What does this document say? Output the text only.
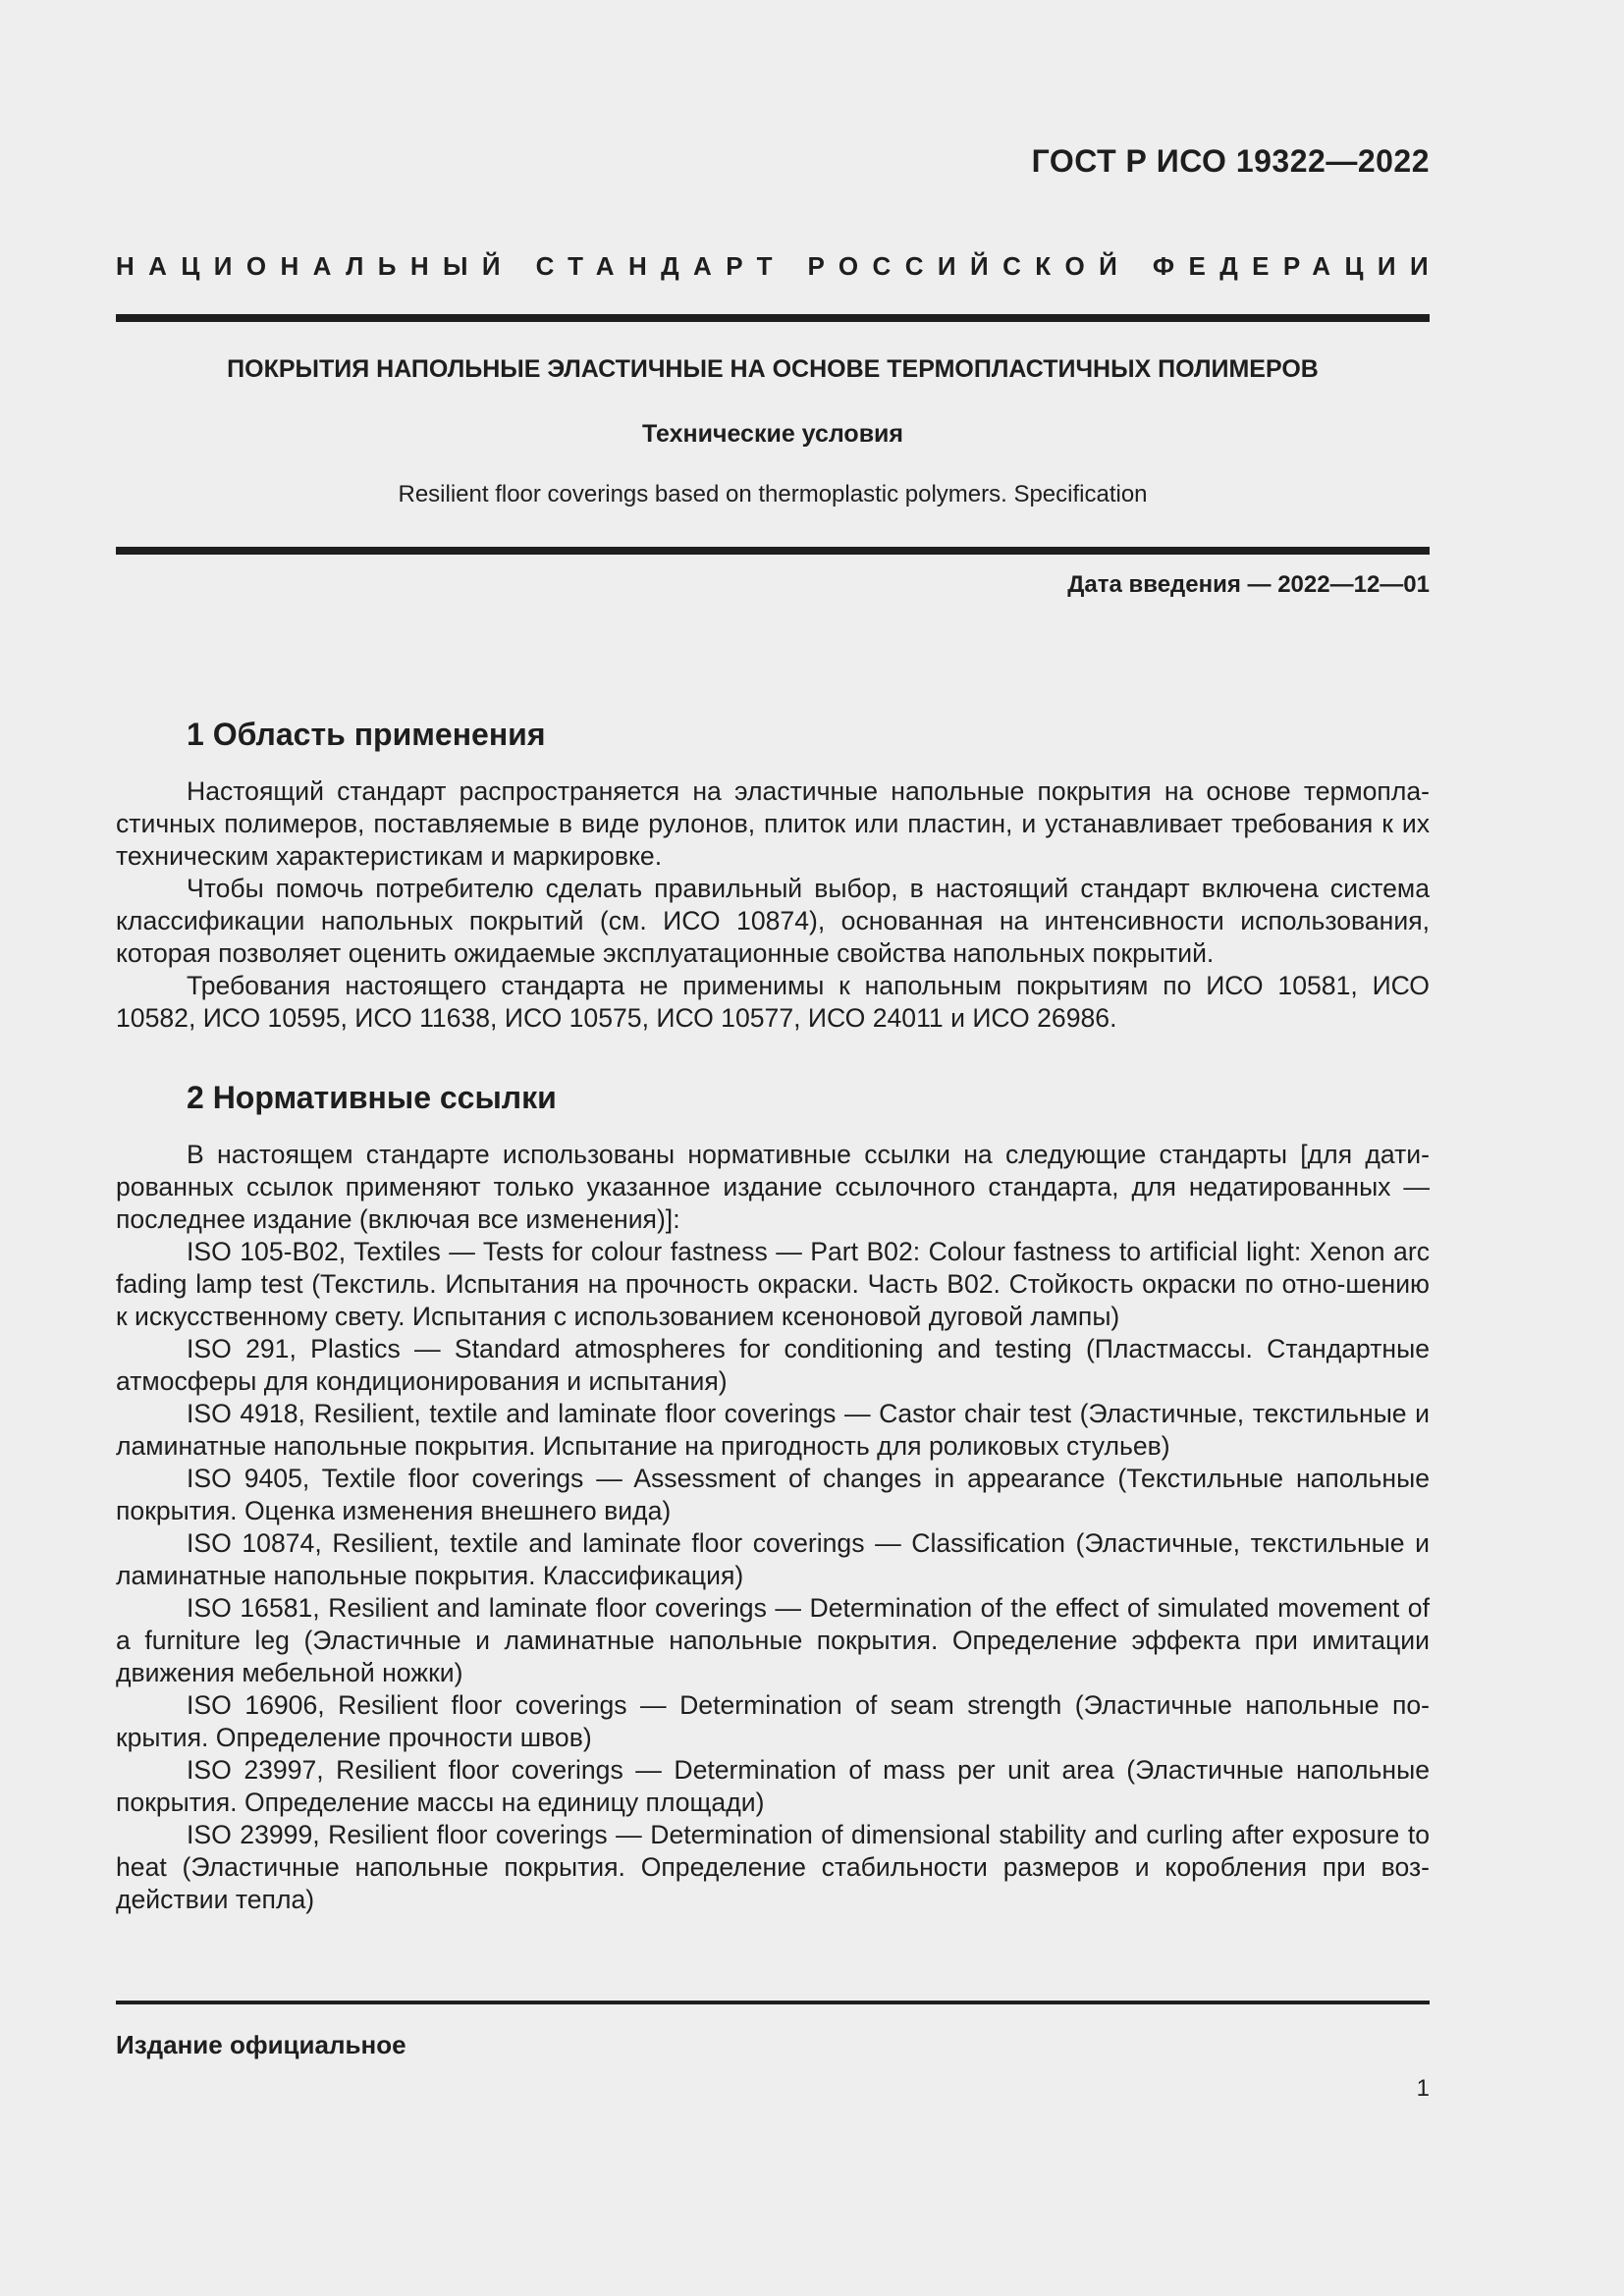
ГОСТ Р ИСО 19322—2022
НАЦИОНАЛЬНЫЙ СТАНДАРТ РОССИЙСКОЙ ФЕДЕРАЦИИ
ПОКРЫТИЯ НАПОЛЬНЫЕ ЭЛАСТИЧНЫЕ НА ОСНОВЕ ТЕРМОПЛАСТИЧНЫХ ПОЛИМЕРОВ
Технические условия
Resilient floor coverings based on thermoplastic polymers. Specification
Дата введения — 2022—12—01
1 Область применения

Настоящий стандарт распространяется на эластичные напольные покрытия на основе термопла-стичных полимеров, поставляемые в виде рулонов, плиток или пластин, и устанавливает требования к их техническим характеристикам и маркировке.

Чтобы помочь потребителю сделать правильный выбор, в настоящий стандарт включена система классификации напольных покрытий (см. ИСО 10874), основанная на интенсивности использования, которая позволяет оценить ожидаемые эксплуатационные свойства напольных покрытий.

Требования настоящего стандарта не применимы к напольным покрытиям по ИСО 10581, ИСО 10582, ИСО 10595, ИСО 11638, ИСО 10575, ИСО 10577, ИСО 24011 и ИСО 26986.

2 Нормативные ссылки

В настоящем стандарте использованы нормативные ссылки на следующие стандарты [для дати-рованных ссылок применяют только указанное издание ссылочного стандарта, для недатированных — последнее издание (включая все изменения)]:

ISO 105-B02, Textiles — Tests for colour fastness — Part B02: Colour fastness to artificial light: Xenon arc fading lamp test (Текстиль. Испытания на прочность окраски. Часть B02. Стойкость окраски по отно-шению к искусственному свету. Испытания с использованием ксеноновой дуговой лампы)

ISO 291, Plastics — Standard atmospheres for conditioning and testing (Пластмассы. Стандартные атмосферы для кондиционирования и испытания)

ISO 4918, Resilient, textile and laminate floor coverings — Castor chair test (Эластичные, текстильные и ламинатные напольные покрытия. Испытание на пригодность для роликовых стульев)

ISO 9405, Textile floor coverings — Assessment of changes in appearance (Текстильные напольные покрытия. Оценка изменения внешнего вида)

ISO 10874, Resilient, textile and laminate floor coverings — Classification (Эластичные, текстильные и ламинатные напольные покрытия. Классификация)

ISO 16581, Resilient and laminate floor coverings — Determination of the effect of simulated movement of a furniture leg (Эластичные и ламинатные напольные покрытия. Определение эффекта при имитации движения мебельной ножки)

ISO 16906, Resilient floor coverings — Determination of seam strength (Эластичные напольные по-крытия. Определение прочности швов)

ISO 23997, Resilient floor coverings — Determination of mass per unit area (Эластичные напольные покрытия. Определение массы на единицу площади)

ISO 23999, Resilient floor coverings — Determination of dimensional stability and curling after exposure to heat (Эластичные напольные покрытия. Определение стабильности размеров и коробления при воз-действии тепла)

Издание официальное
1
